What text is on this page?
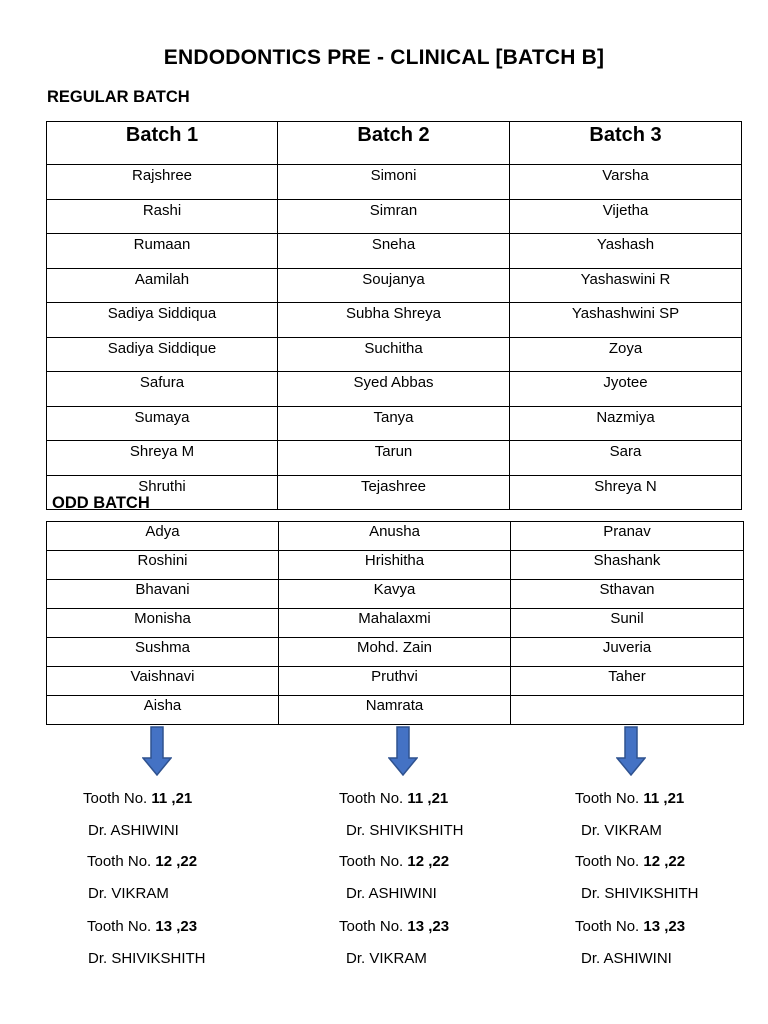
ENDODONTICS PRE - CLINICAL [BATCH B]
REGULAR BATCH
Batch 1	Batch 2	Batch 3
Rajshree	Simoni	Varsha
Rashi	Simran	Vijetha
Rumaan	Sneha	Yashash
Aamilah	Soujanya	Yashaswini R
Sadiya Siddiqua	Subha Shreya	Yashashwini SP
Sadiya Siddique	Suchitha	Zoya
Safura	Syed Abbas	Jyotee
Sumaya	Tanya	Nazmiya
Shreya M	Tarun	Sara
Shruthi	Tejashree	Shreya N
ODD BATCH
Adya	Anusha	Pranav
Roshini	Hrishitha	Shashank
Bhavani	Kavya	Sthavan
Monisha	Mahalaxmi	Sunil
Sushma	Mohd. Zain	Juveria
Vaishnavi	Pruthvi	Taher
Aisha	Namrata	
Tooth No. 11 ,21
Dr. ASHIWINI
Tooth No. 12 ,22
Dr. VIKRAM
Tooth No. 13 ,23
Dr. SHIVIKSHITH
Tooth No. 11 ,21
Dr. SHIVIKSHITH
Tooth No. 12 ,22
Dr. ASHIWINI
Tooth No. 13 ,23
Dr. VIKRAM
Tooth No. 11 ,21
Dr. VIKRAM
Tooth No. 12 ,22
Dr. SHIVIKSHITH
Tooth No. 13 ,23
Dr. ASHIWINI
